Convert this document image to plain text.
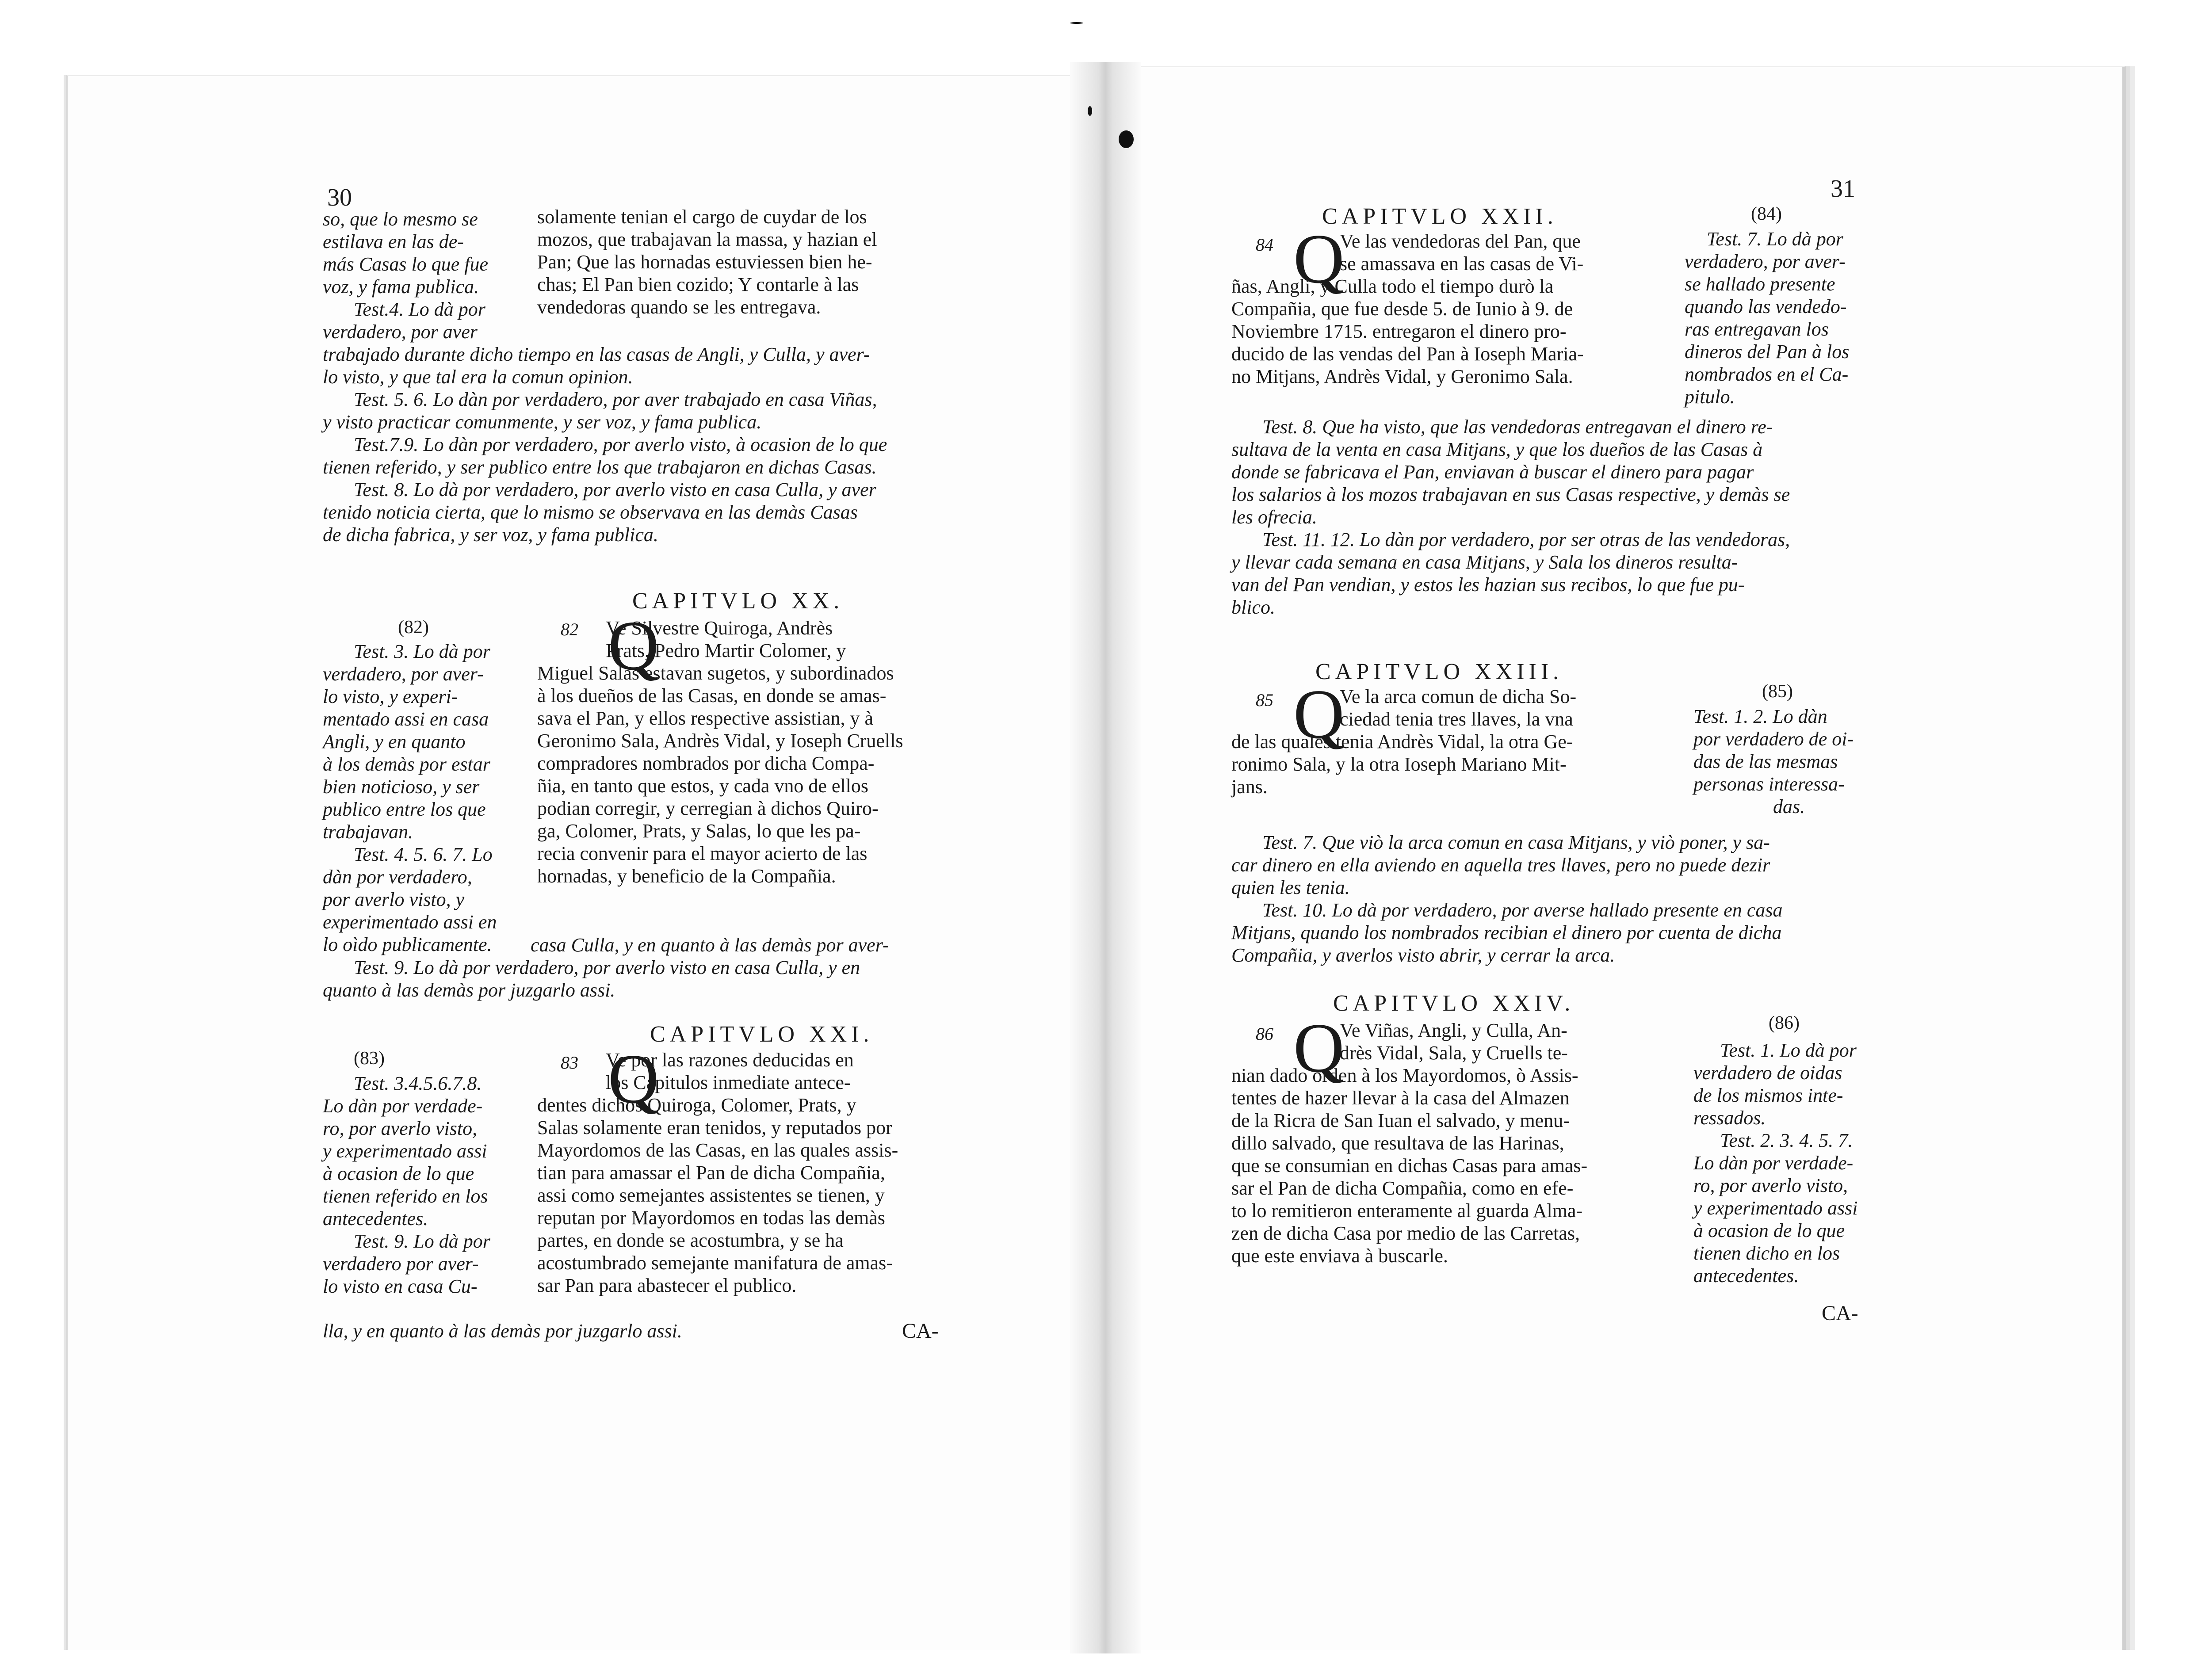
30

so, que lo mesmo se

estilava en las de-

más Casas lo que fue

voz, y fama publica.

Test.4. Lo dà por

verdadero, por aver

solamente tenian el cargo de cuydar de los

mozos, que trabajavan la massa, y hazian el

Pan; Que las hornadas estuviessen bien he-

chas; El Pan bien cozido; Y contarle à las

vendedoras quando se les entregava.

trabajado durante dicho tiempo en las casas de Angli, y Culla, y aver-

lo visto, y que tal era la comun opinion.

Test. 5. 6. Lo dàn por verdadero, por aver trabajado en casa Viñas,

y visto practicar comunmente, y ser voz, y fama publica.

Test.7.9. Lo dàn por verdadero, por averlo visto, à ocasion de lo que

tienen referido, y ser publico entre los que trabajaron en dichas Casas.

Test. 8. Lo dà por verdadero, por averlo visto en casa Culla, y aver

tenido noticia cierta, que lo mismo se observava en las demàs Casas

de dicha fabrica, y ser voz, y fama publica.

CAPITVLO XX.

(82)	82 Q

Test. 3. Lo dà por

verdadero, por aver-

lo visto, y experi-

mentado assi en casa

Angli, y en quanto

à los demàs por estar

bien noticioso, y ser

publico entre los que

trabajavan.

Test. 4. 5. 6. 7. Lo

dàn por verdadero,

por averlo visto, y

experimentado assi en

lo oìdo publicamente.

Ve Silvestre Quiroga, Andrès

Prats, Pedro Martir Colomer, y

Miguel Salas estavan sugetos, y subordinados

à los dueños de las Casas, en donde se amas-

sava el Pan, y ellos respective assistian, y à

Geronimo Sala, Andrès Vidal, y Ioseph Cruells

compradores nombrados por dicha Compa-

ñia, en tanto que estos, y cada vno de ellos

podian corregir, y cerregian à dichos Quiro-

ga, Colomer, Prats, y Salas, lo que les pa-

recia convenir para el mayor acierto de las

hornadas, y beneficio de la Compañia.

casa Culla, y en quanto à las demàs por aver-

Test. 9. Lo dà por verdadero, por averlo visto en casa Culla, y en

quanto à las demàs por juzgarlo assi.

CAPITVLO XXI.

(83)	83 Q

Test. 3.4.5.6.7.8.

Lo dàn por verdade-

ro, por averlo visto,

y experimentado assi

à ocasion de lo que

tienen referido en los

antecedentes.

Test. 9. Lo dà por

verdadero por aver-

lo visto en casa Cu-

Ve por las razones deducidas en

los Capitulos inmediate antece-

dentes dichos Quiroga, Colomer, Prats, y

Salas solamente eran tenidos, y reputados por

Mayordomos de las Casas, en las quales assis-

tian para amassar el Pan de dicha Compañia,

assi como semejantes assistentes se tienen, y

reputan por Mayordomos en todas las demàs

partes, en donde se acostumbra, y se ha

acostumbrado semejante manifatura de amas-

sar Pan para abastecer el publico.

lla, y en quanto à las demàs por juzgarlo assi.	CA-

31

CAPITVLO XXII.	(84)
84 Q

Ve las vendedoras del Pan, que

se amassava en las casas de Vi-

ñas, Angli, y Culla todo el tiempo durò la

Compañia, que fue desde 5. de Iunio à 9. de

Noviembre 1715. entregaron el dinero pro-

ducido de las vendas del Pan à Ioseph Maria-

no Mitjans, Andrès Vidal, y Geronimo Sala.

Test. 7. Lo dà por

verdadero, por aver-

se hallado presente

quando las vendedo-

ras entregavan los

dineros del Pan à los

nombrados en el Ca-

pitulo.

Test. 8. Que ha visto, que las vendedoras entregavan el dinero re-

sultava de la venta en casa Mitjans, y que los dueños de las Casas à

donde se fabricava el Pan, enviavan à buscar el dinero para pagar

los salarios à los mozos trabajavan en sus Casas respective, y demàs se

les ofrecia.

Test. 11. 12. Lo dàn por verdadero, por ser otras de las vendedoras,

y llevar cada semana en casa Mitjans, y Sala los dineros resulta-

van del Pan vendian, y estos les hazian sus recibos, lo que fue pu-

blico.

CAPITVLO XXIII.

(85)
85 Q

Ve la arca comun de dicha So-

ciedad tenia tres llaves, la vna

de las quales tenia Andrès Vidal, la otra Ge-

ronimo Sala, y la otra Ioseph Mariano Mit-

jans.

Test. 1. 2. Lo dàn

por verdadero de oi-

das de las mesmas

personas interessa-

das.

Test. 7. Que viò la arca comun en casa Mitjans, y viò poner, y sa-

car dinero en ella aviendo en aquella tres llaves, pero no puede dezir

quien les tenia.

Test. 10. Lo dà por verdadero, por averse hallado presente en casa

Mitjans, quando los nombrados recibian el dinero por cuenta de dicha

Compañia, y averlos visto abrir, y cerrar la arca.

CAPITVLO XXIV.

(86)
86 Q

Ve Viñas, Angli, y Culla, An-

drès Vidal, Sala, y Cruells te-

nian dado orden à los Mayordomos, ò Assis-

tentes de hazer llevar à la casa del Almazen

de la Ricra de San Iuan el salvado, y menu-

dillo salvado, que resultava de las Harinas,

que se consumian en dichas Casas para amas-

sar el Pan de dicha Compañia, como en efe-

to lo remitieron enteramente al guarda Alma-

zen de dicha Casa por medio de las Carretas,

que este enviava à buscarle.

Test. 1. Lo dà por

verdadero de oidas

de los mismos inte-

ressados.

Test. 2. 3. 4. 5. 7.

Lo dàn por verdade-

ro, por averlo visto,

y experimentado assi

à ocasion de lo que

tienen dicho en los

antecedentes.

CA-
